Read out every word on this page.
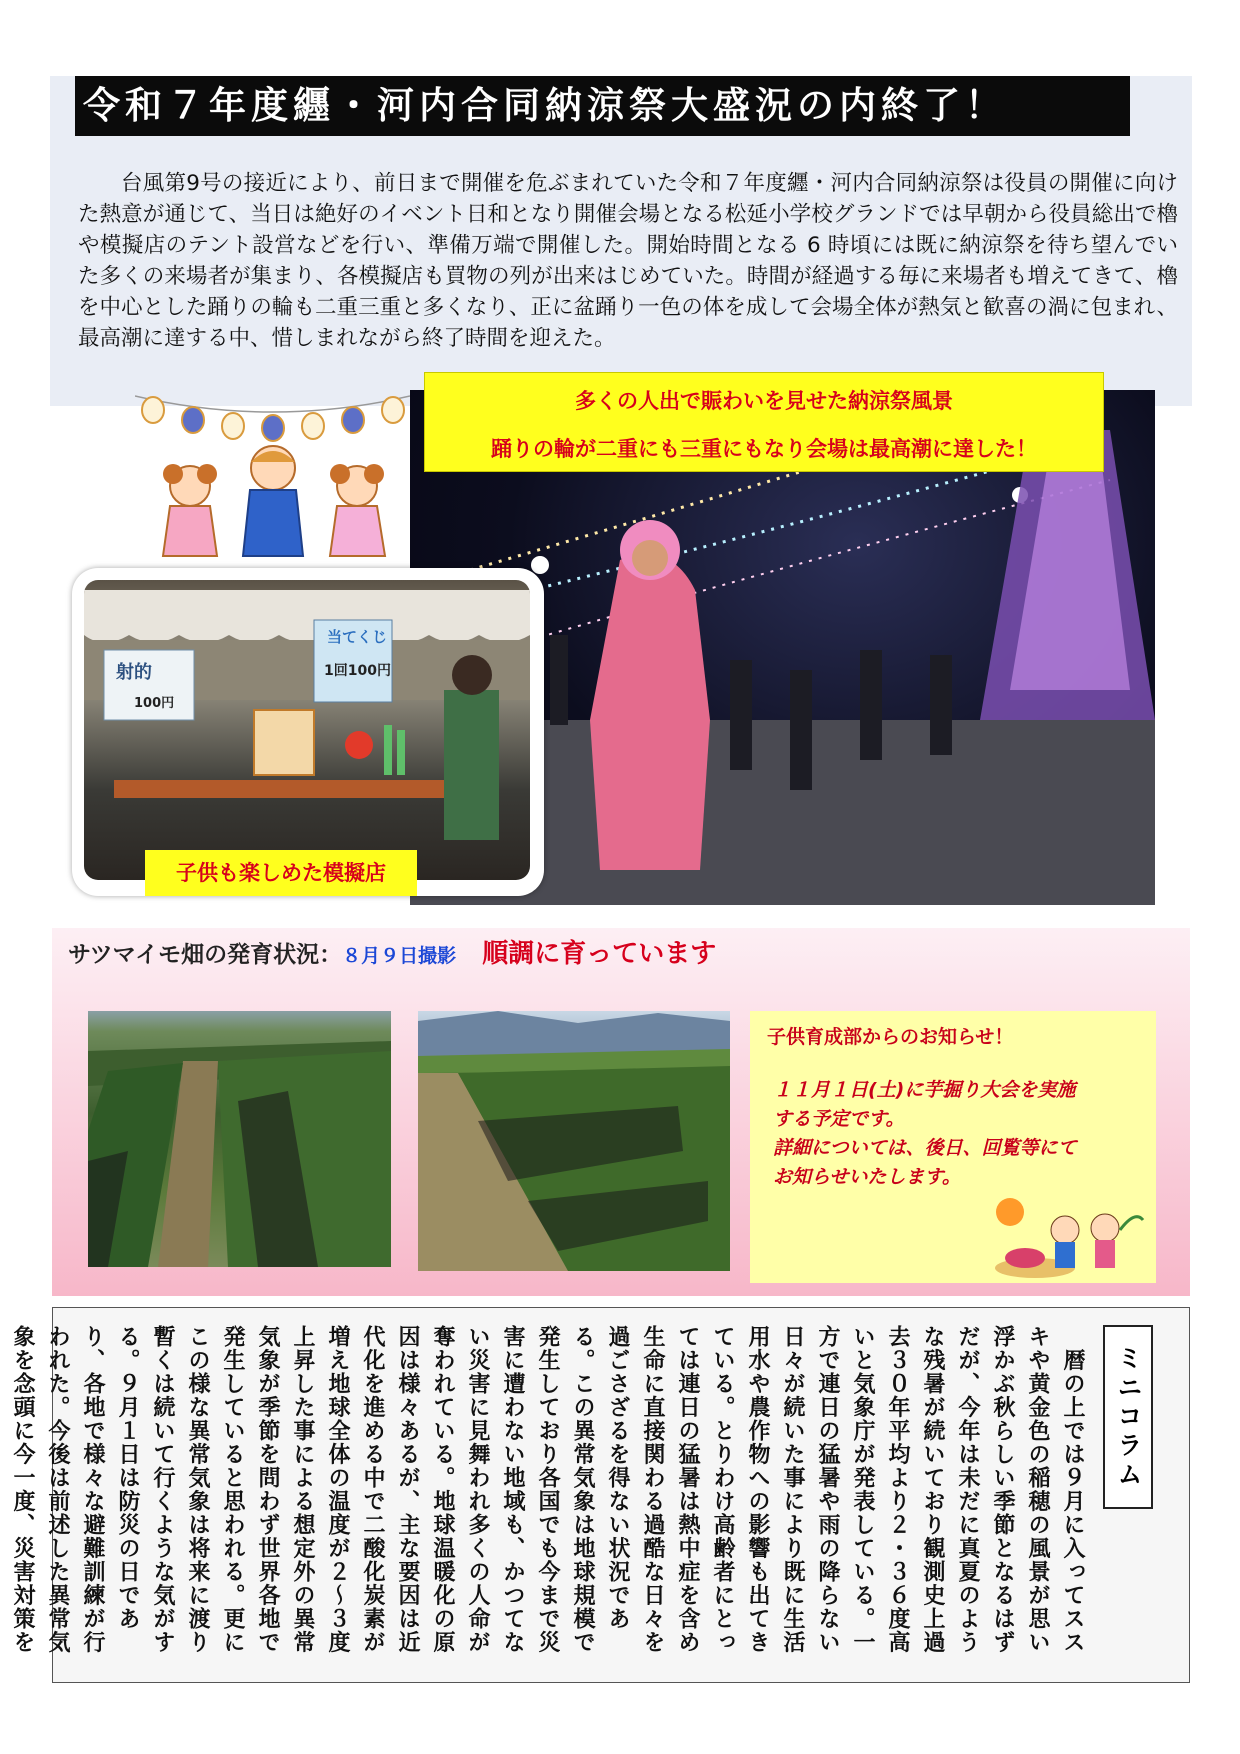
令和７年度纒・河内合同納涼祭大盛況の内終了！
台風第9号の接近により、前日まで開催を危ぶまれていた令和７年度纒・河内合同納涼祭は役員の開催に向けた熱意が通じて、当日は絶好のイベント日和となり開催会場となる松延小学校グランドでは早朝から役員総出で櫓や模擬店のテント設営などを行い、準備万端で開催した。開始時間となる 6 時頃には既に納涼祭を待ち望んでいた多くの来場者が集まり、各模擬店も買物の列が出来はじめていた。時間が経過する毎に来場者も増えてきて、櫓を中心とした踊りの輪も二重三重と多くなり、正に盆踊り一色の体を成して会場全体が熱気と歓喜の渦に包まれ、最高潮に達する中、惜しまれながら終了時間を迎えた。
多くの人出で賑わいを見せた納涼祭風景
踊りの輪が二重にも三重にもなり会場は最高潮に達した！
当てくじ
1回100円
射的
100円
子供も楽しめた模擬店
サツマイモ畑の発育状況：８月９日撮影 順調に育っています
子供育成部からのお知らせ！
１１月１日(土)に芋掘り大会を実施
する予定です。
詳細については、後日、回覧等にて
お知らせいたします。
ミニコラム
　暦の上では９月に入ってススキや黄金色の稲穂の風景が思い浮かぶ秋らしい季節となるはずだが、今年は未だに真夏のような残暑が続いており観測史上過去３０年平均より２・３６度高いと気象庁が発表している。一方で連日の猛暑や雨の降らない日々が続いた事により既に生活用水や農作物への影響も出てきている。とりわけ高齢者にとっては連日の猛暑は熱中症を含め生命に直接関わる過酷な日々を過ごさざるを得ない状況である。この異常気象は地球規模で発生しており各国でも今まで災害に遭わない地域も、かつてない災害に見舞われ多くの人命が奪われている。地球温暖化の原因は様々あるが、主な要因は近代化を進める中で二酸化炭素が増え地球全体の温度が２～３度上昇した事による想定外の異常気象が季節を問わず世界各地で発生していると思われる。更にこの様な異常気象は将来に渡り暫くは続いて行くような気がする。９月１日は防災の日であり、各地で様々な避難訓練が行われた。今後は前述した異常気象を念頭に今一度、災害対策を
